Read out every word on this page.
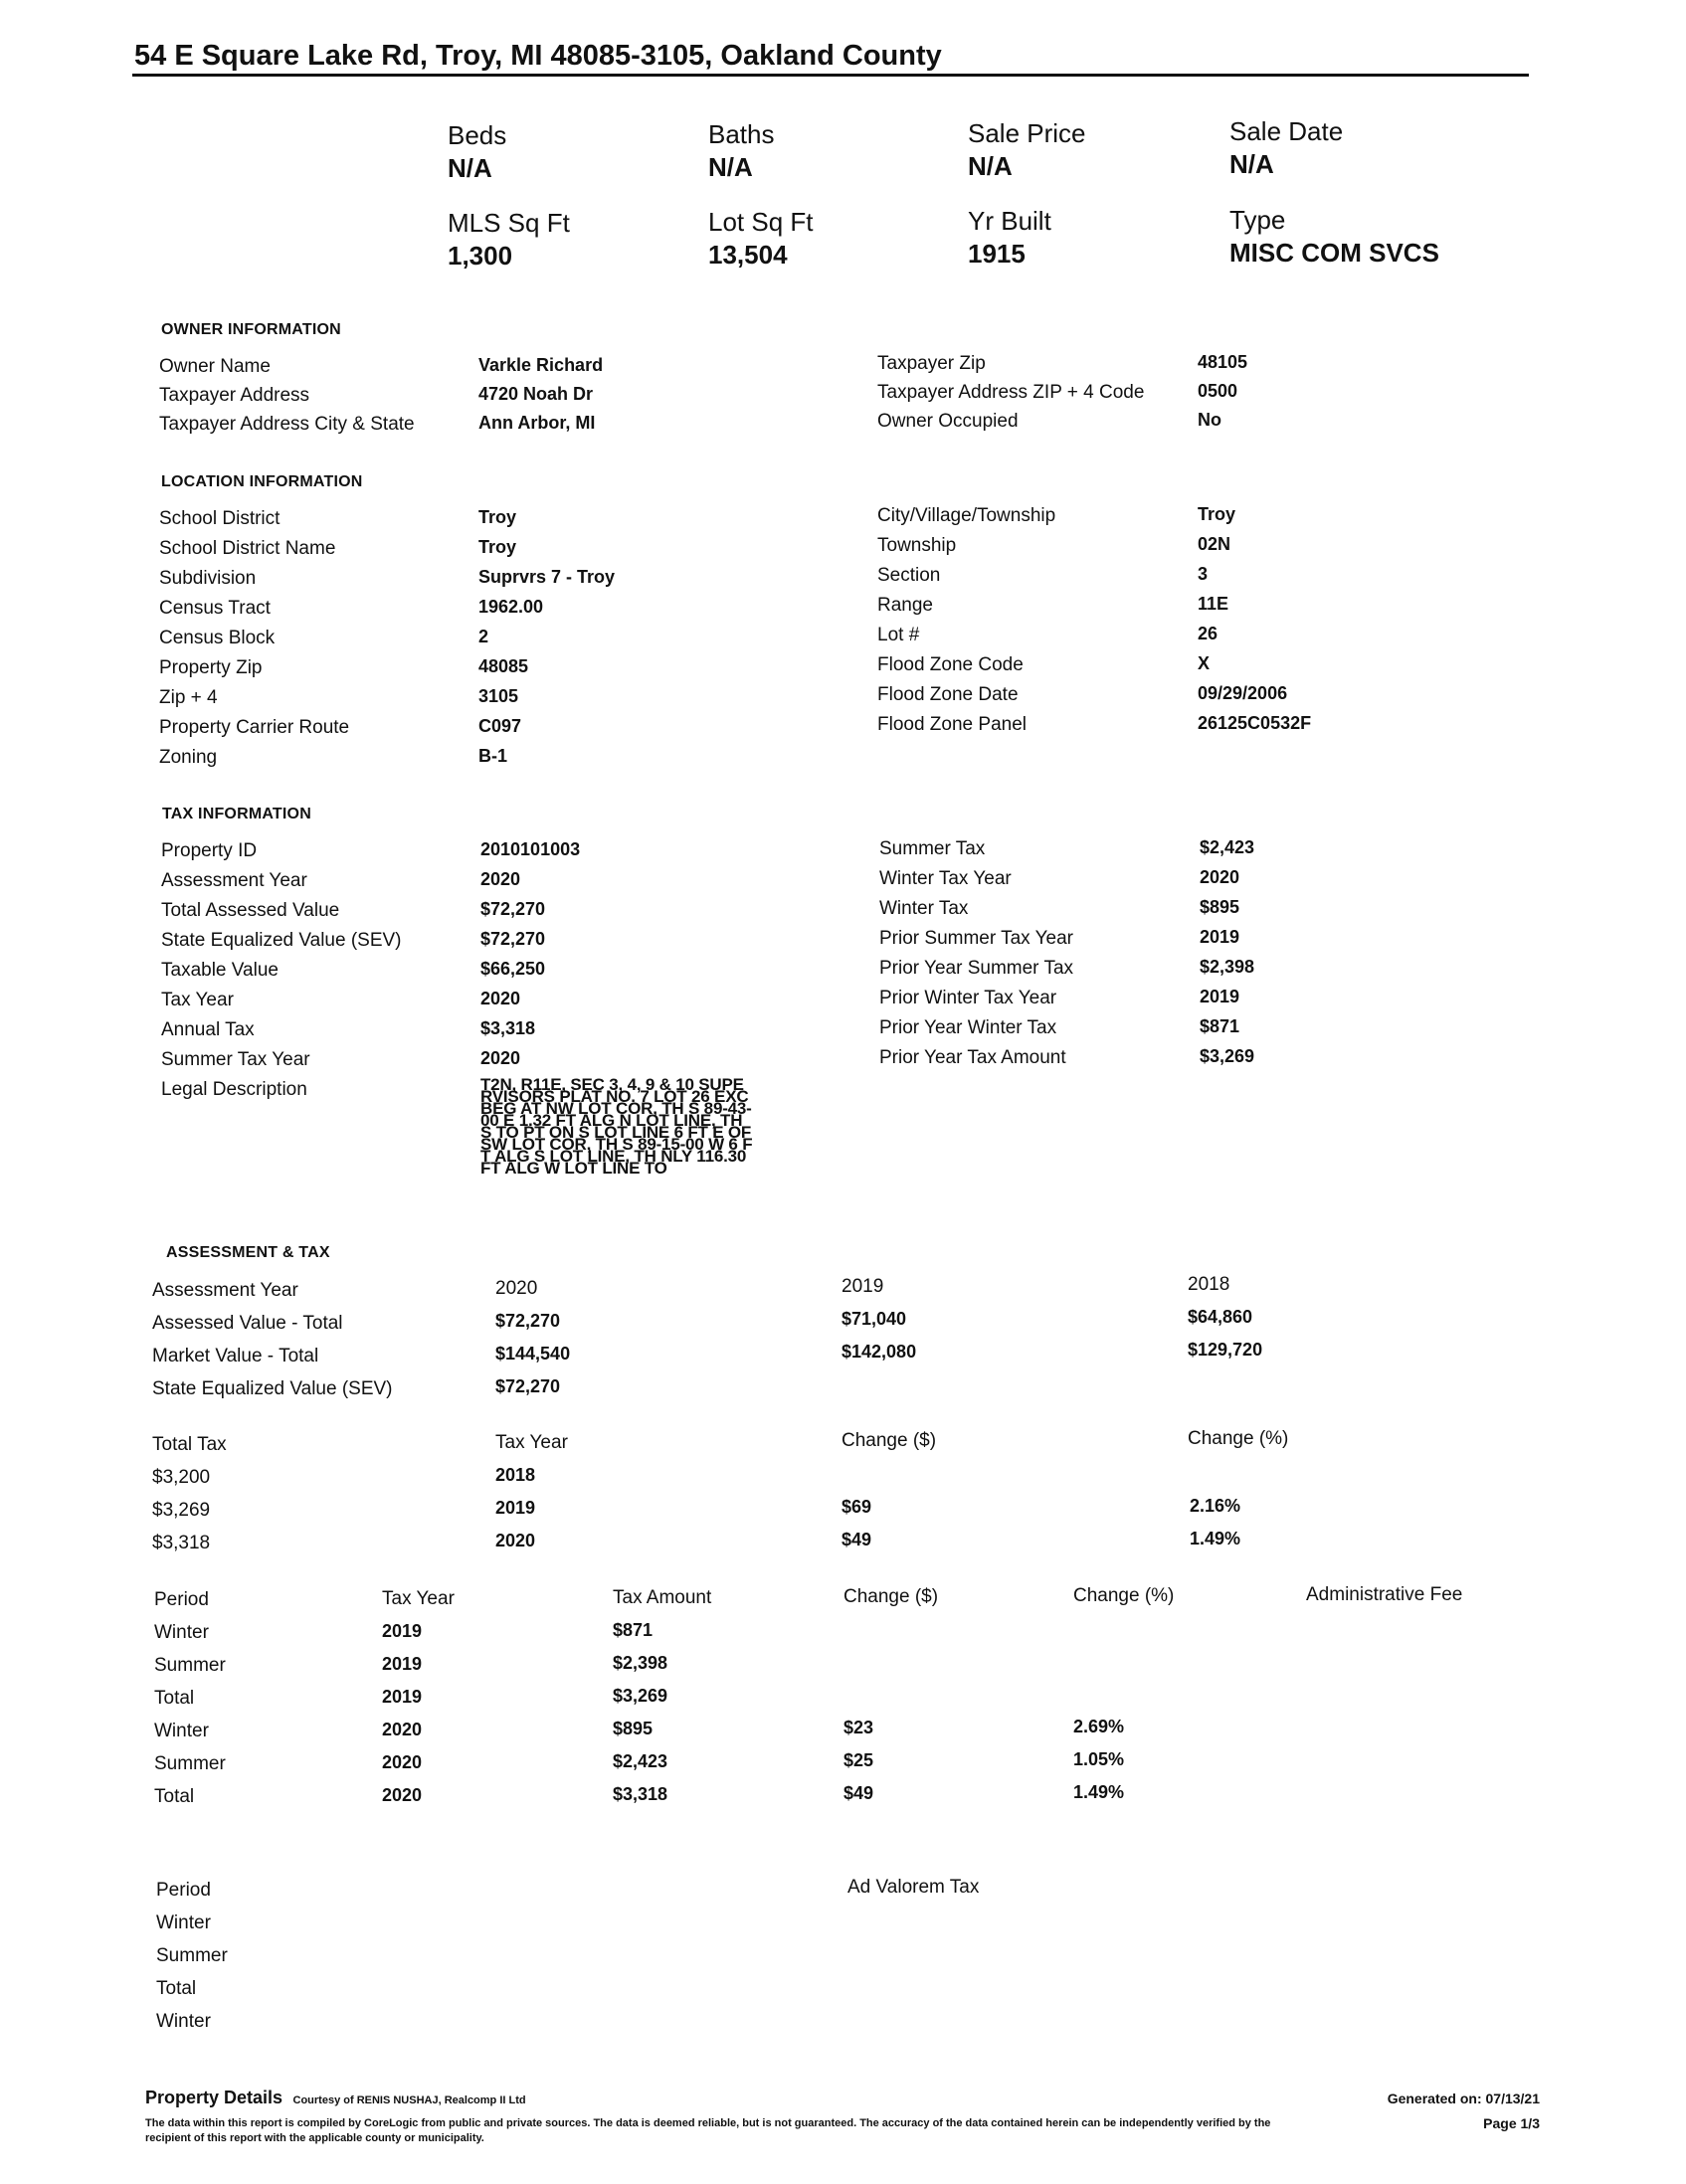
54 E Square Lake Rd, Troy, MI 48085-3105, Oakland County
Beds
N/A
Baths
N/A
Sale Price
N/A
Sale Date
N/A
MLS Sq Ft
1,300
Lot Sq Ft
13,504
Yr Built
1915
Type
MISC COM SVCS
OWNER INFORMATION
Owner Name	Varkle Richard
Taxpayer Address	4720 Noah Dr
Taxpayer Address City & State	Ann Arbor, MI
Taxpayer Zip	48105
Taxpayer Address ZIP + 4 Code	0500
Owner Occupied	No
LOCATION INFORMATION
School District	Troy
School District Name	Troy
Subdivision	Suprvrs 7 - Troy
Census Tract	1962.00
Census Block	2
Property Zip	48085
Zip + 4	3105
Property Carrier Route	C097
Zoning	B-1
City/Village/Township	Troy
Township	02N
Section	3
Range	11E
Lot #	26
Flood Zone Code	X
Flood Zone Date	09/29/2006
Flood Zone Panel	26125C0532F
TAX INFORMATION
Property ID	2010101003
Assessment Year	2020
Total Assessed Value	$72,270
State Equalized Value (SEV)	$72,270
Taxable Value	$66,250
Tax Year	2020
Annual Tax	$3,318
Summer Tax Year	2020
Legal Description	T2N, R11E, SEC 3, 4, 9 & 10 SUPE
RVISORS PLAT NO. 7 LOT 26 EXC
BEG AT NW LOT COR, TH S 89-43-
00 E 1.32 FT ALG N LOT LINE, TH
S TO PT ON S LOT LINE 6 FT E OF
SW LOT COR, TH S 89-15-00 W 6 F
T ALG S LOT LINE, TH NLY 116.30
FT ALG W LOT LINE TO
Summer Tax	$2,423
Winter Tax Year	2020
Winter Tax	$895
Prior Summer Tax Year	2019
Prior Year Summer Tax	$2,398
Prior Winter Tax Year	2019
Prior Year Winter Tax	$871
Prior Year Tax Amount	$3,269
ASSESSMENT & TAX
Assessment Year	2020	2019	2018
Assessed Value - Total	$72,270	$71,040	$64,860
Market Value - Total	$144,540	$142,080	$129,720
State Equalized Value (SEV)	$72,270
Total Tax	Tax Year	Change ($)	Change (%)
$3,200	2018
$3,269	2019	$69	2.16%
$3,318	2020	$49	1.49%
Period	Tax Year	Tax Amount	Change ($)	Change (%)	Administrative Fee
Winter	2019	$871
Summer	2019	$2,398
Total	2019	$3,269
Winter	2020	$895	$23	2.69%
Summer	2020	$2,423	$25	1.05%
Total	2020	$3,318	$49	1.49%
Period	Ad Valorem Tax
Winter
Summer
Total
Winter
Property Details Courtesy of RENIS NUSHAJ, Realcomp II Ltd
The data within this report is compiled by CoreLogic from public and private sources. The data is deemed reliable, but is not guaranteed. The accuracy of the data contained herein can be independently verified by the recipient of this report with the applicable county or municipality.
Generated on: 07/13/21
Page 1/3
